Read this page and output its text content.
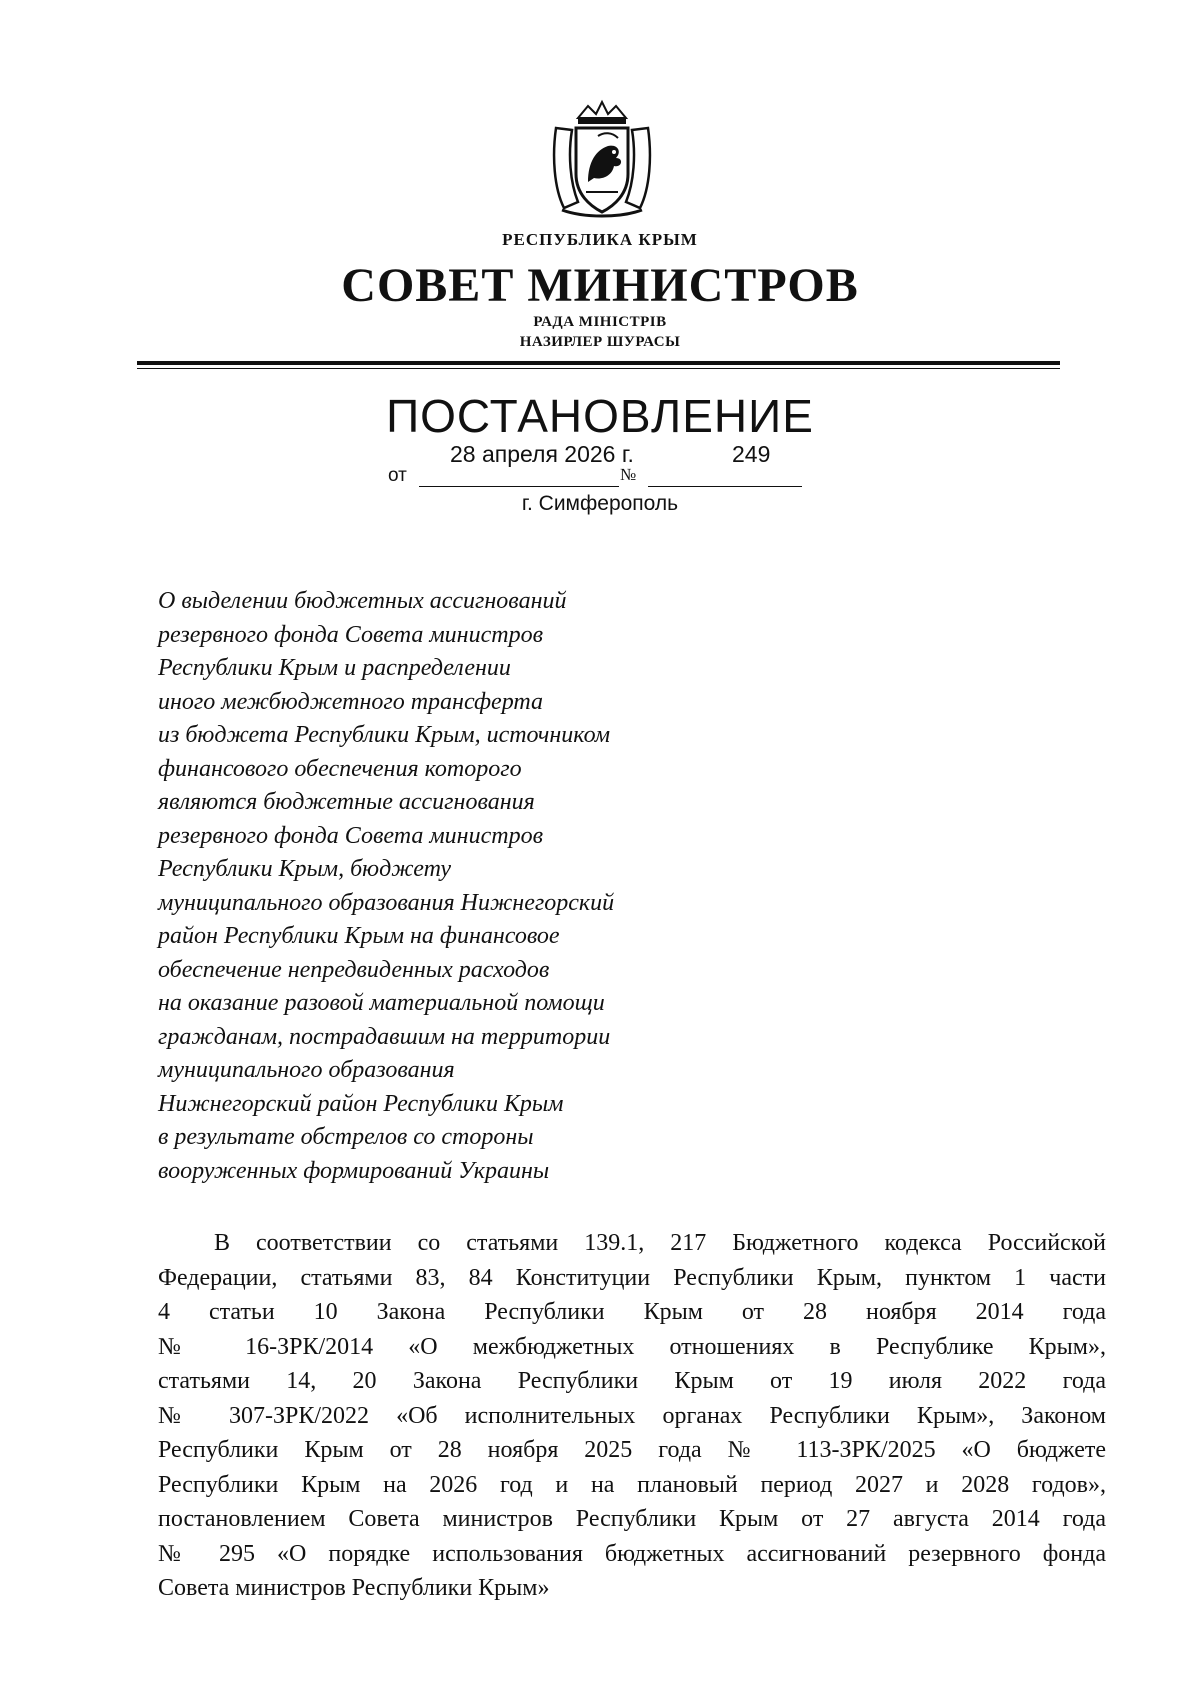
РЕСПУБЛИКА КРЫМ
СОВЕТ МИНИСТРОВ
РАДА МІНІСТРІВ
НАЗИРЛЕР ШУРАСЫ
ПОСТАНОВЛЕНИЕ
28 апреля 2026 г.	249
от	№
г. Симферополь
О выделении бюджетных ассигнований
резервного фонда Совета министров
Республики Крым и распределении
иного межбюджетного трансферта
из бюджета Республики Крым, источником
финансового обеспечения которого
являются бюджетные ассигнования
резервного фонда Совета министров
Республики Крым, бюджету
муниципального образования Нижнегорский
район Республики Крым на финансовое
обеспечение непредвиденных расходов
на оказание разовой материальной помощи
гражданам, пострадавшим на территории
муниципального образования
Нижнегорский район Республики Крым
в результате обстрелов со стороны
вооруженных формирований Украины
В соответствии со статьями 139.1, 217 Бюджетного кодекса Российской
Федерации, статьями 83, 84 Конституции Республики Крым, пунктом 1 части
4 статьи 10 Закона Республики Крым от 28 ноября 2014 года
№ 16-ЗРК/2014 «О межбюджетных отношениях в Республике Крым»,
статьями 14, 20 Закона Республики Крым от 19 июля 2022 года
№ 307-ЗРК/2022 «Об исполнительных органах Республики Крым», Законом
Республики Крым от 28 ноября 2025 года № 113-ЗРК/2025 «О бюджете
Республики Крым на 2026 год и на плановый период 2027 и 2028 годов»,
постановлением Совета министров Республики Крым от 27 августа 2014 года
№ 295 «О порядке использования бюджетных ассигнований резервного фонда
Совета министров Республики Крым»
